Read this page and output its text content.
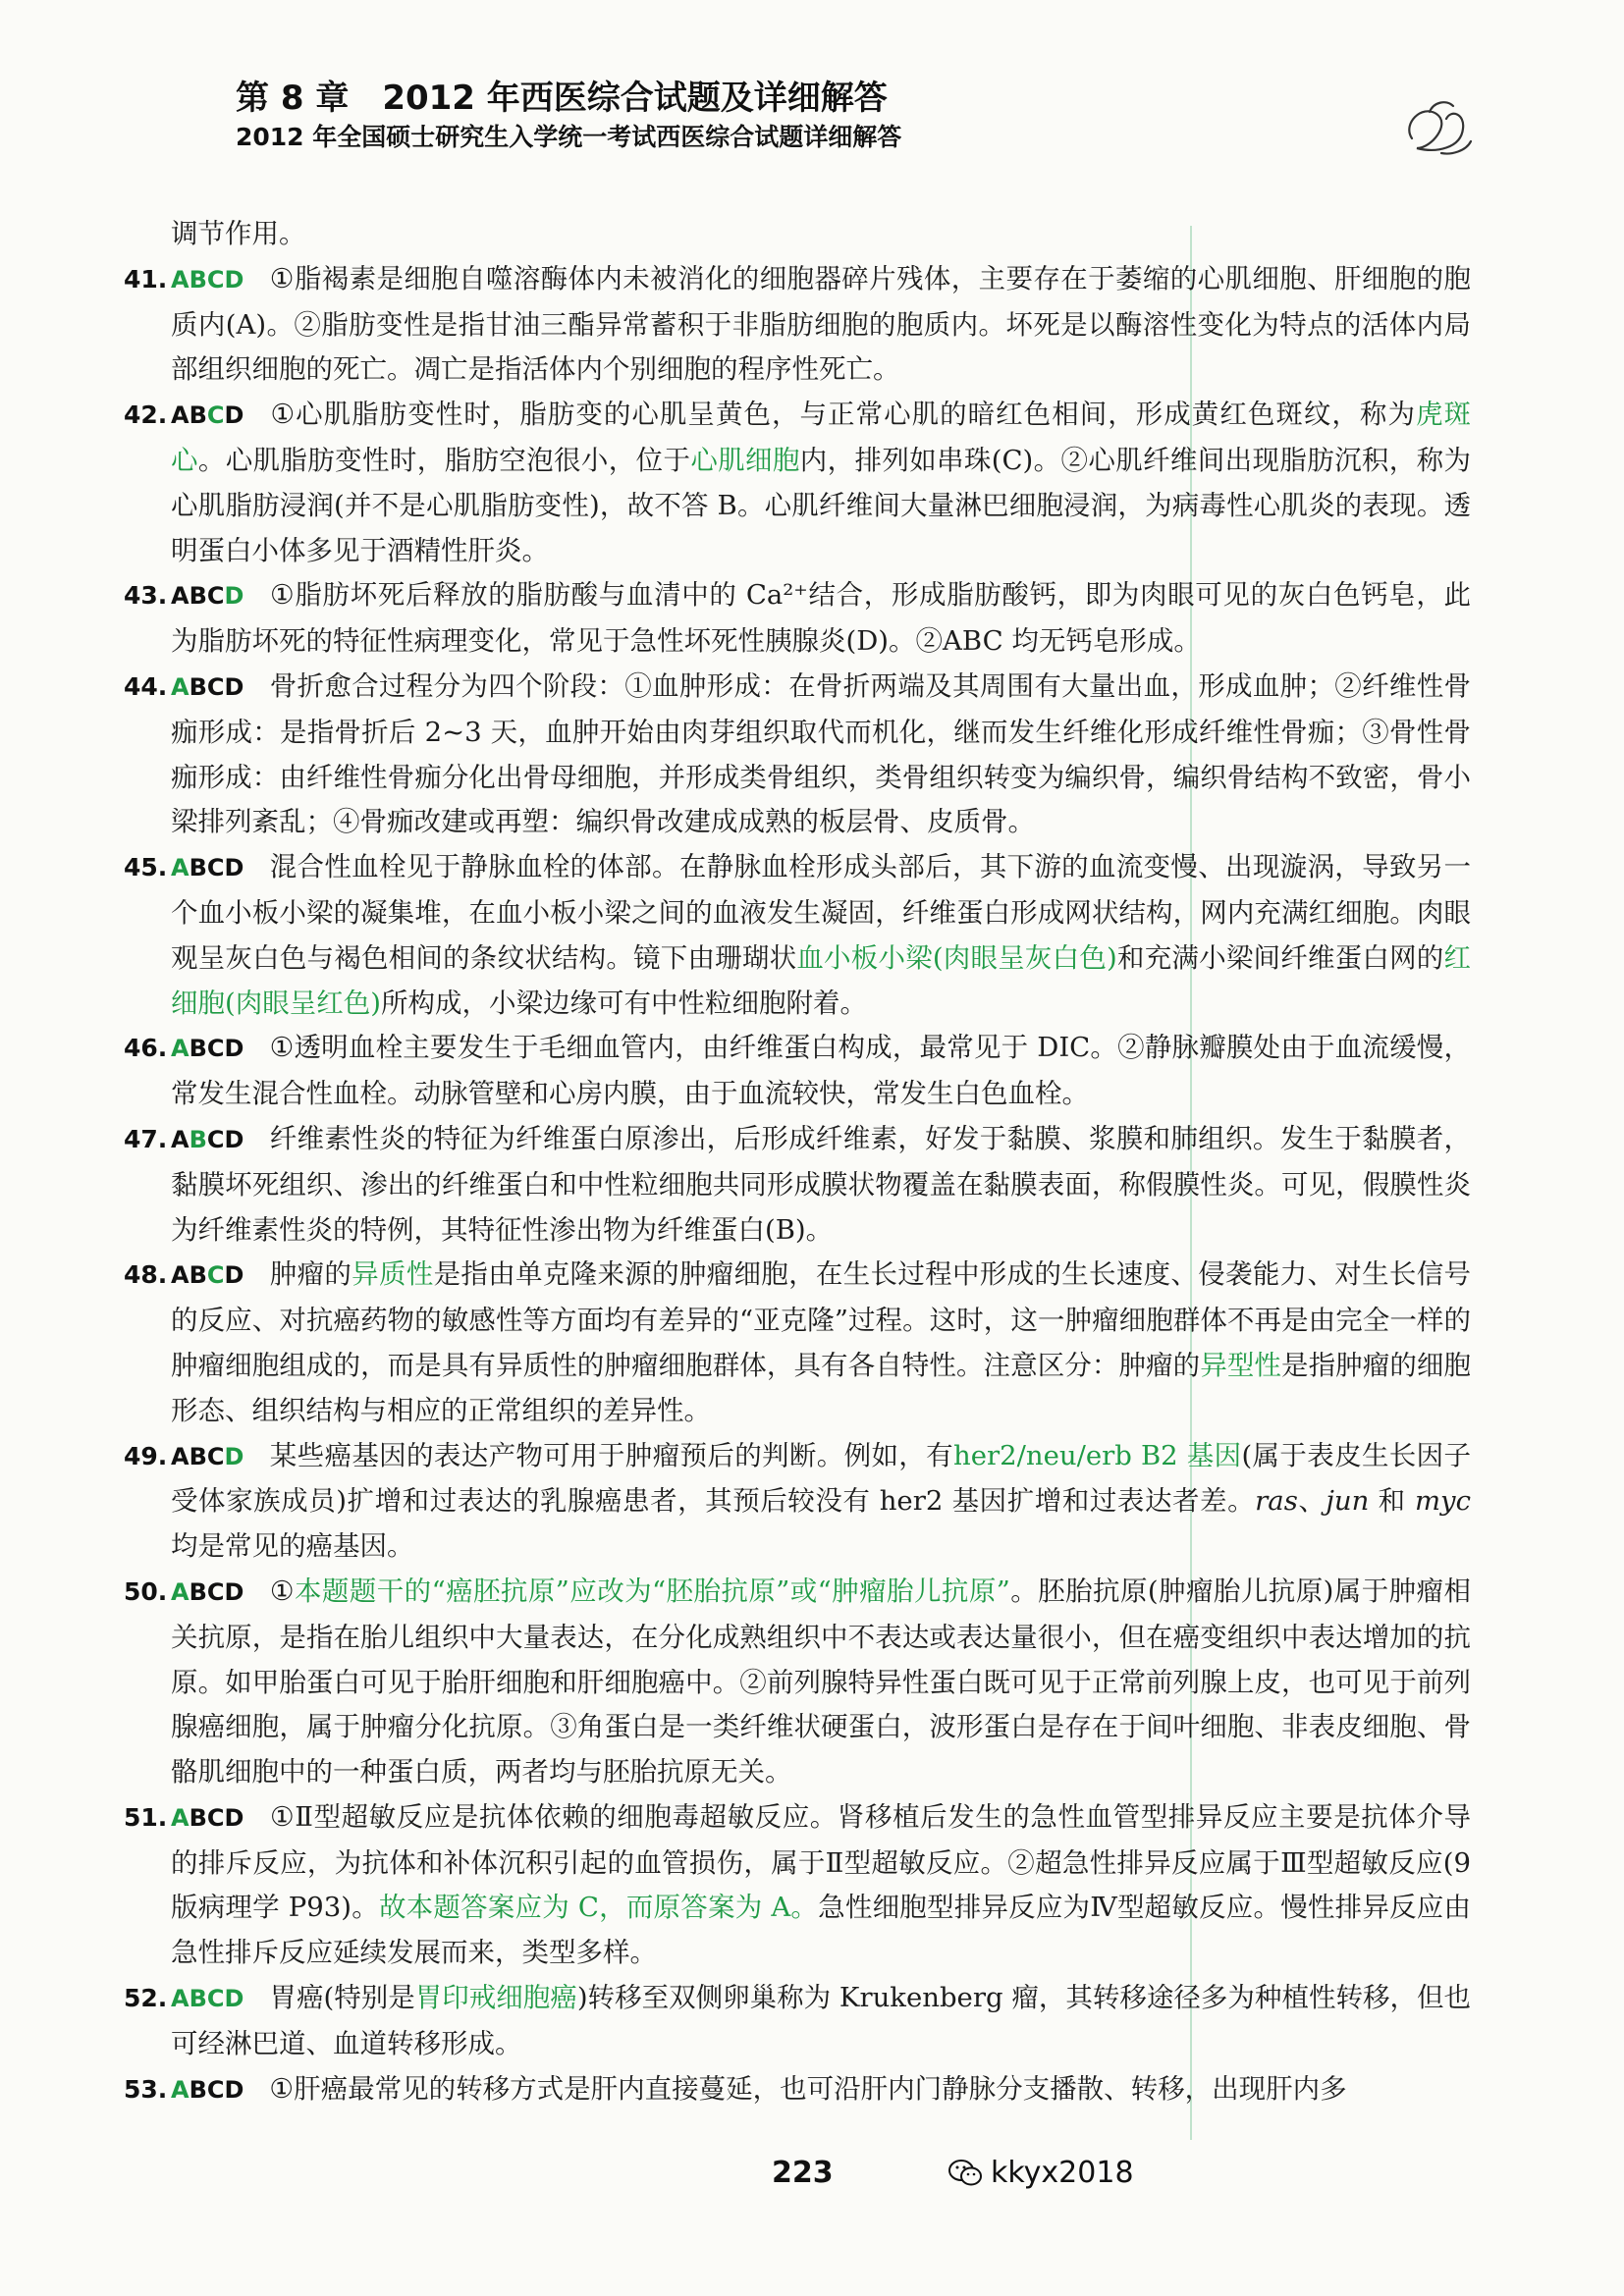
第 8 章　2012 年西医综合试题及详细解答
2012 年全国硕士研究生入学统一考试西医综合试题详细解答
调节作用。
41. ABCD ①脂褐素是细胞自噬溶酶体内未被消化的细胞器碎片残体，主要存在于萎缩的心肌细胞、肝细胞的胞质内(A)。②脂肪变性是指甘油三酯异常蓄积于非脂肪细胞的胞质内。坏死是以酶溶性变化为特点的活体内局部组织细胞的死亡。凋亡是指活体内个别细胞的程序性死亡。
42. ABCD ①心肌脂肪变性时，脂肪变的心肌呈黄色，与正常心肌的暗红色相间，形成黄红色斑纹，称为虎斑心。心肌脂肪变性时，脂肪空泡很小，位于心肌细胞内，排列如串珠(C)。②心肌纤维间出现脂肪沉积，称为心肌脂肪浸润(并不是心肌脂肪变性)，故不答 B。心肌纤维间大量淋巴细胞浸润，为病毒性心肌炎的表现。透明蛋白小体多见于酒精性肝炎。
43. ABCD ①脂肪坏死后释放的脂肪酸与血清中的 Ca²⁺结合，形成脂肪酸钙，即为肉眼可见的灰白色钙皂，此为脂肪坏死的特征性病理变化，常见于急性坏死性胰腺炎(D)。②ABC 均无钙皂形成。
44. ABCD 骨折愈合过程分为四个阶段：①血肿形成：在骨折两端及其周围有大量出血，形成血肿；②纤维性骨痂形成：是指骨折后 2~3 天，血肿开始由肉芽组织取代而机化，继而发生纤维化形成纤维性骨痂；③骨性骨痂形成：由纤维性骨痂分化出骨母细胞，并形成类骨组织，类骨组织转变为编织骨，编织骨结构不致密，骨小梁排列紊乱；④骨痂改建或再塑：编织骨改建成成熟的板层骨、皮质骨。
45. ABCD 混合性血栓见于静脉血栓的体部。在静脉血栓形成头部后，其下游的血流变慢、出现漩涡，导致另一个血小板小梁的凝集堆，在血小板小梁之间的血液发生凝固，纤维蛋白形成网状结构，网内充满红细胞。肉眼观呈灰白色与褐色相间的条纹状结构。镜下由珊瑚状血小板小梁(肉眼呈灰白色)和充满小梁间纤维蛋白网的红细胞(肉眼呈红色)所构成，小梁边缘可有中性粒细胞附着。
46. ABCD ①透明血栓主要发生于毛细血管内，由纤维蛋白构成，最常见于 DIC。②静脉瓣膜处由于血流缓慢，常发生混合性血栓。动脉管壁和心房内膜，由于血流较快，常发生白色血栓。
47. ABCD 纤维素性炎的特征为纤维蛋白原渗出，后形成纤维素，好发于黏膜、浆膜和肺组织。发生于黏膜者，黏膜坏死组织、渗出的纤维蛋白和中性粒细胞共同形成膜状物覆盖在黏膜表面，称假膜性炎。可见，假膜性炎为纤维素性炎的特例，其特征性渗出物为纤维蛋白(B)。
48. ABCD 肿瘤的异质性是指由单克隆来源的肿瘤细胞，在生长过程中形成的生长速度、侵袭能力、对生长信号的反应、对抗癌药物的敏感性等方面均有差异的“亚克隆”过程。这时，这一肿瘤细胞群体不再是由完全一样的肿瘤细胞组成的，而是具有异质性的肿瘤细胞群体，具有各自特性。注意区分：肿瘤的异型性是指肿瘤的细胞形态、组织结构与相应的正常组织的差异性。
49. ABCD 某些癌基因的表达产物可用于肿瘤预后的判断。例如，有her2/neu/erb B2 基因(属于表皮生长因子受体家族成员)扩增和过表达的乳腺癌患者，其预后较没有 her2 基因扩增和过表达者差。ras、jun 和 myc 均是常见的癌基因。
50. ABCD ①本题题干的“癌胚抗原”应改为“胚胎抗原”或“肿瘤胎儿抗原”。胚胎抗原(肿瘤胎儿抗原)属于肿瘤相关抗原，是指在胎儿组织中大量表达，在分化成熟组织中不表达或表达量很小，但在癌变组织中表达增加的抗原。如甲胎蛋白可见于胎肝细胞和肝细胞癌中。②前列腺特异性蛋白既可见于正常前列腺上皮，也可见于前列腺癌细胞，属于肿瘤分化抗原。③角蛋白是一类纤维状硬蛋白，波形蛋白是存在于间叶细胞、非表皮细胞、骨骼肌细胞中的一种蛋白质，两者均与胚胎抗原无关。
51. ABCD ①Ⅱ型超敏反应是抗体依赖的细胞毒超敏反应。肾移植后发生的急性血管型排异反应主要是抗体介导的排斥反应，为抗体和补体沉积引起的血管损伤，属于Ⅱ型超敏反应。②超急性排异反应属于Ⅲ型超敏反应(9 版病理学 P93)。故本题答案应为 C，而原答案为 A。急性细胞型排异反应为Ⅳ型超敏反应。慢性排异反应由急性排斥反应延续发展而来，类型多样。
52. ABCD 胃癌(特别是胃印戒细胞癌)转移至双侧卵巢称为 Krukenberg 瘤，其转移途径多为种植性转移，但也可经淋巴道、血道转移形成。
53. ABCD ①肝癌最常见的转移方式是肝内直接蔓延，也可沿肝内门静脉分支播散、转移，出现肝内多
223	kkyx2018
